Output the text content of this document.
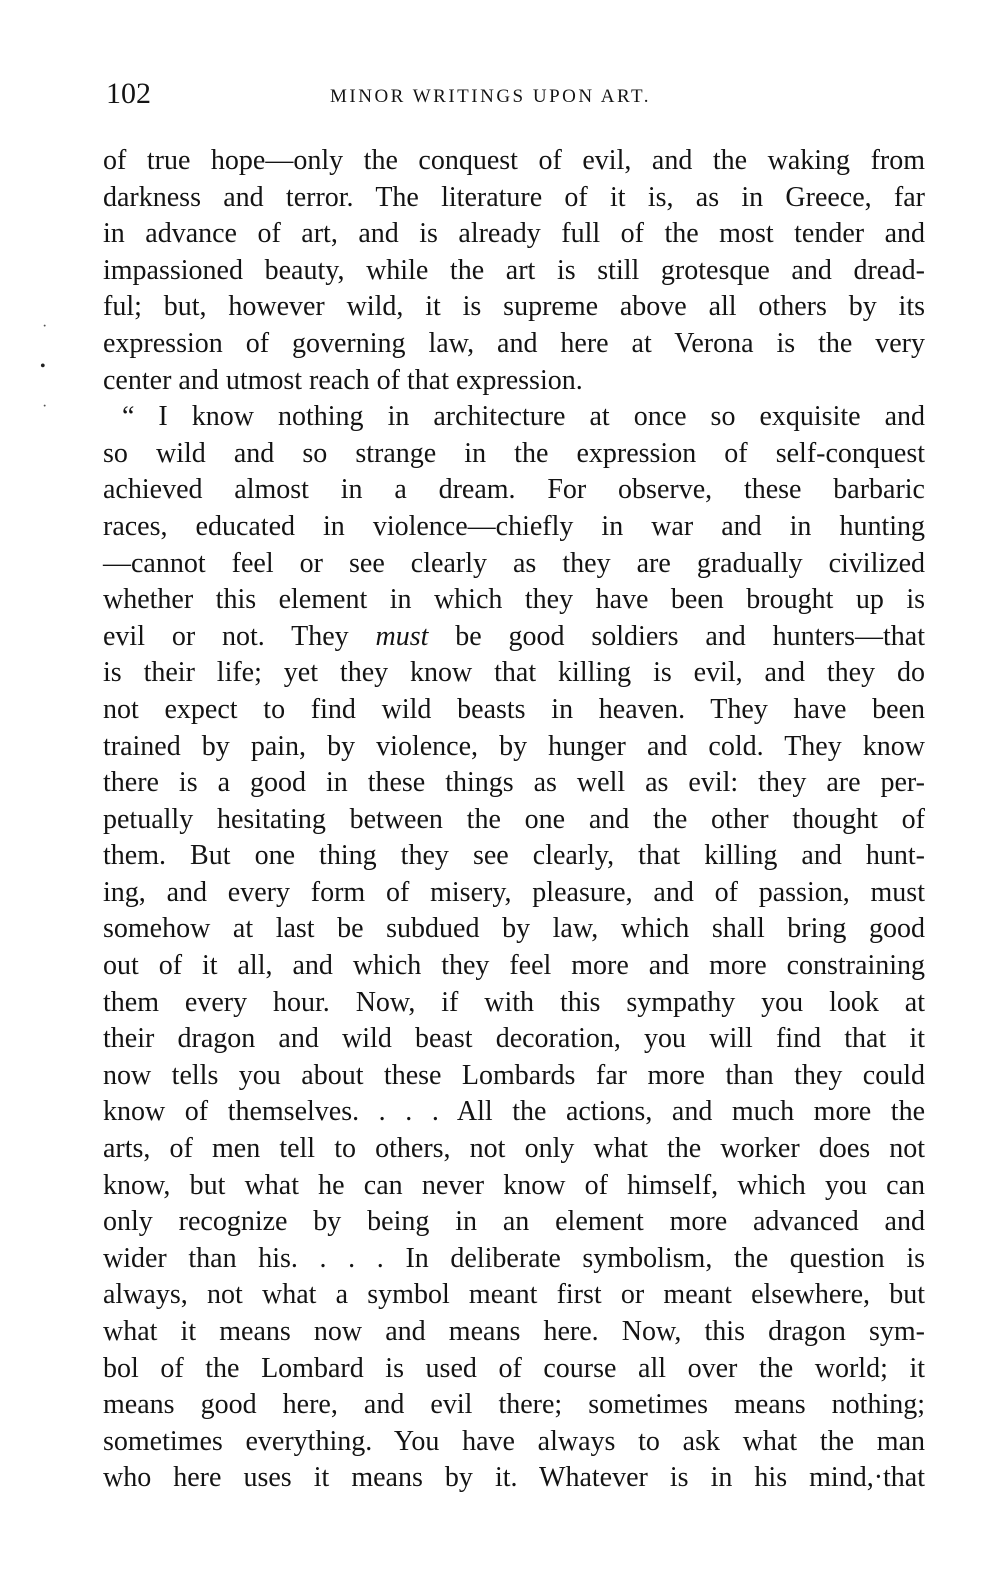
102	MINOR WRITINGS UPON ART.
·
•
·
of true hope—only the conquest of evil, and the waking from
darkness and terror. The literature of it is, as in Greece, far
in advance of art, and is already full of the most tender and
impassioned beauty, while the art is still grotesque and dread-
ful; but, however wild, it is supreme above all others by its
expression of governing law, and here at Verona is the very
center and utmost reach of that expression.
“ I know nothing in architecture at once so exquisite and
so wild and so strange in the expression of self-conquest
achieved almost in a dream. For observe, these barbaric
races, educated in violence—chiefly in war and in hunting
—cannot feel or see clearly as they are gradually civilized
whether this element in which they have been brought up is
evil or not. They must be good soldiers and hunters—that
is their life; yet they know that killing is evil, and they do
not expect to find wild beasts in heaven. They have been
trained by pain, by violence, by hunger and cold. They know
there is a good in these things as well as evil: they are per-
petually hesitating between the one and the other thought of
them. But one thing they see clearly, that killing and hunt-
ing, and every form of misery, pleasure, and of passion, must
somehow at last be subdued by law, which shall bring good
out of it all, and which they feel more and more constraining
them every hour. Now, if with this sympathy you look at
their dragon and wild beast decoration, you will find that it
now tells you about these Lombards far more than they could
know of themselves. . . . All the actions, and much more the
arts, of men tell to others, not only what the worker does not
know, but what he can never know of himself, which you can
only recognize by being in an element more advanced and
wider than his. . . . In deliberate symbolism, the question is
always, not what a symbol meant first or meant elsewhere, but
what it means now and means here. Now, this dragon sym-
bol of the Lombard is used of course all over the world; it
means good here, and evil there; sometimes means nothing;
sometimes everything. You have always to ask what the man
who here uses it means by it. Whatever is in his mind,·that
